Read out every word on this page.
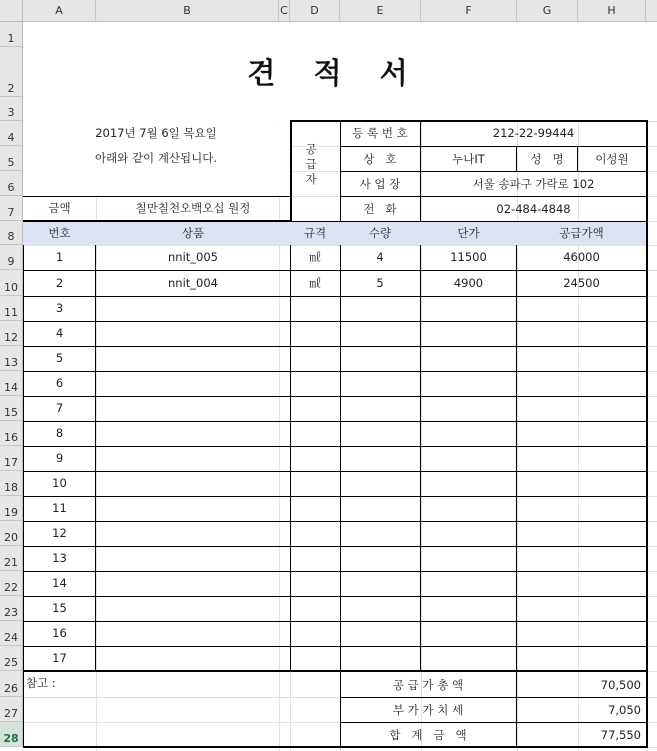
A	B	C	D	E	F	G	H
1
2
3
4
5
6
7
8
9
10
11
12
13
14
15
16
17
18
19
20
21
22
23
24
25
26
27
28
견 적 서
2017년 7월 6일 목요일
아래와 같이 계산됩니다.
금액	칠만칠천오백오십 원정
공 급 자
등 록 번 호	212-22-99444
상   호	누나IT	성   명	이성원
사 업 장	서울 송파구 가락로 102
전   화	02-484-4848
번호	상품	규격	수량	단가	공급가액
1	nnit_005	㎖	4	11500	46000
2	nnit_004	㎖	5	4900	24500
3
4
5
6
7
8
9
10
11
12
13
14
15
16
17
참고 :	공 급 가 총 액	70,500
부 가 가 치 세	7,050
합   계   금   액	77,550
